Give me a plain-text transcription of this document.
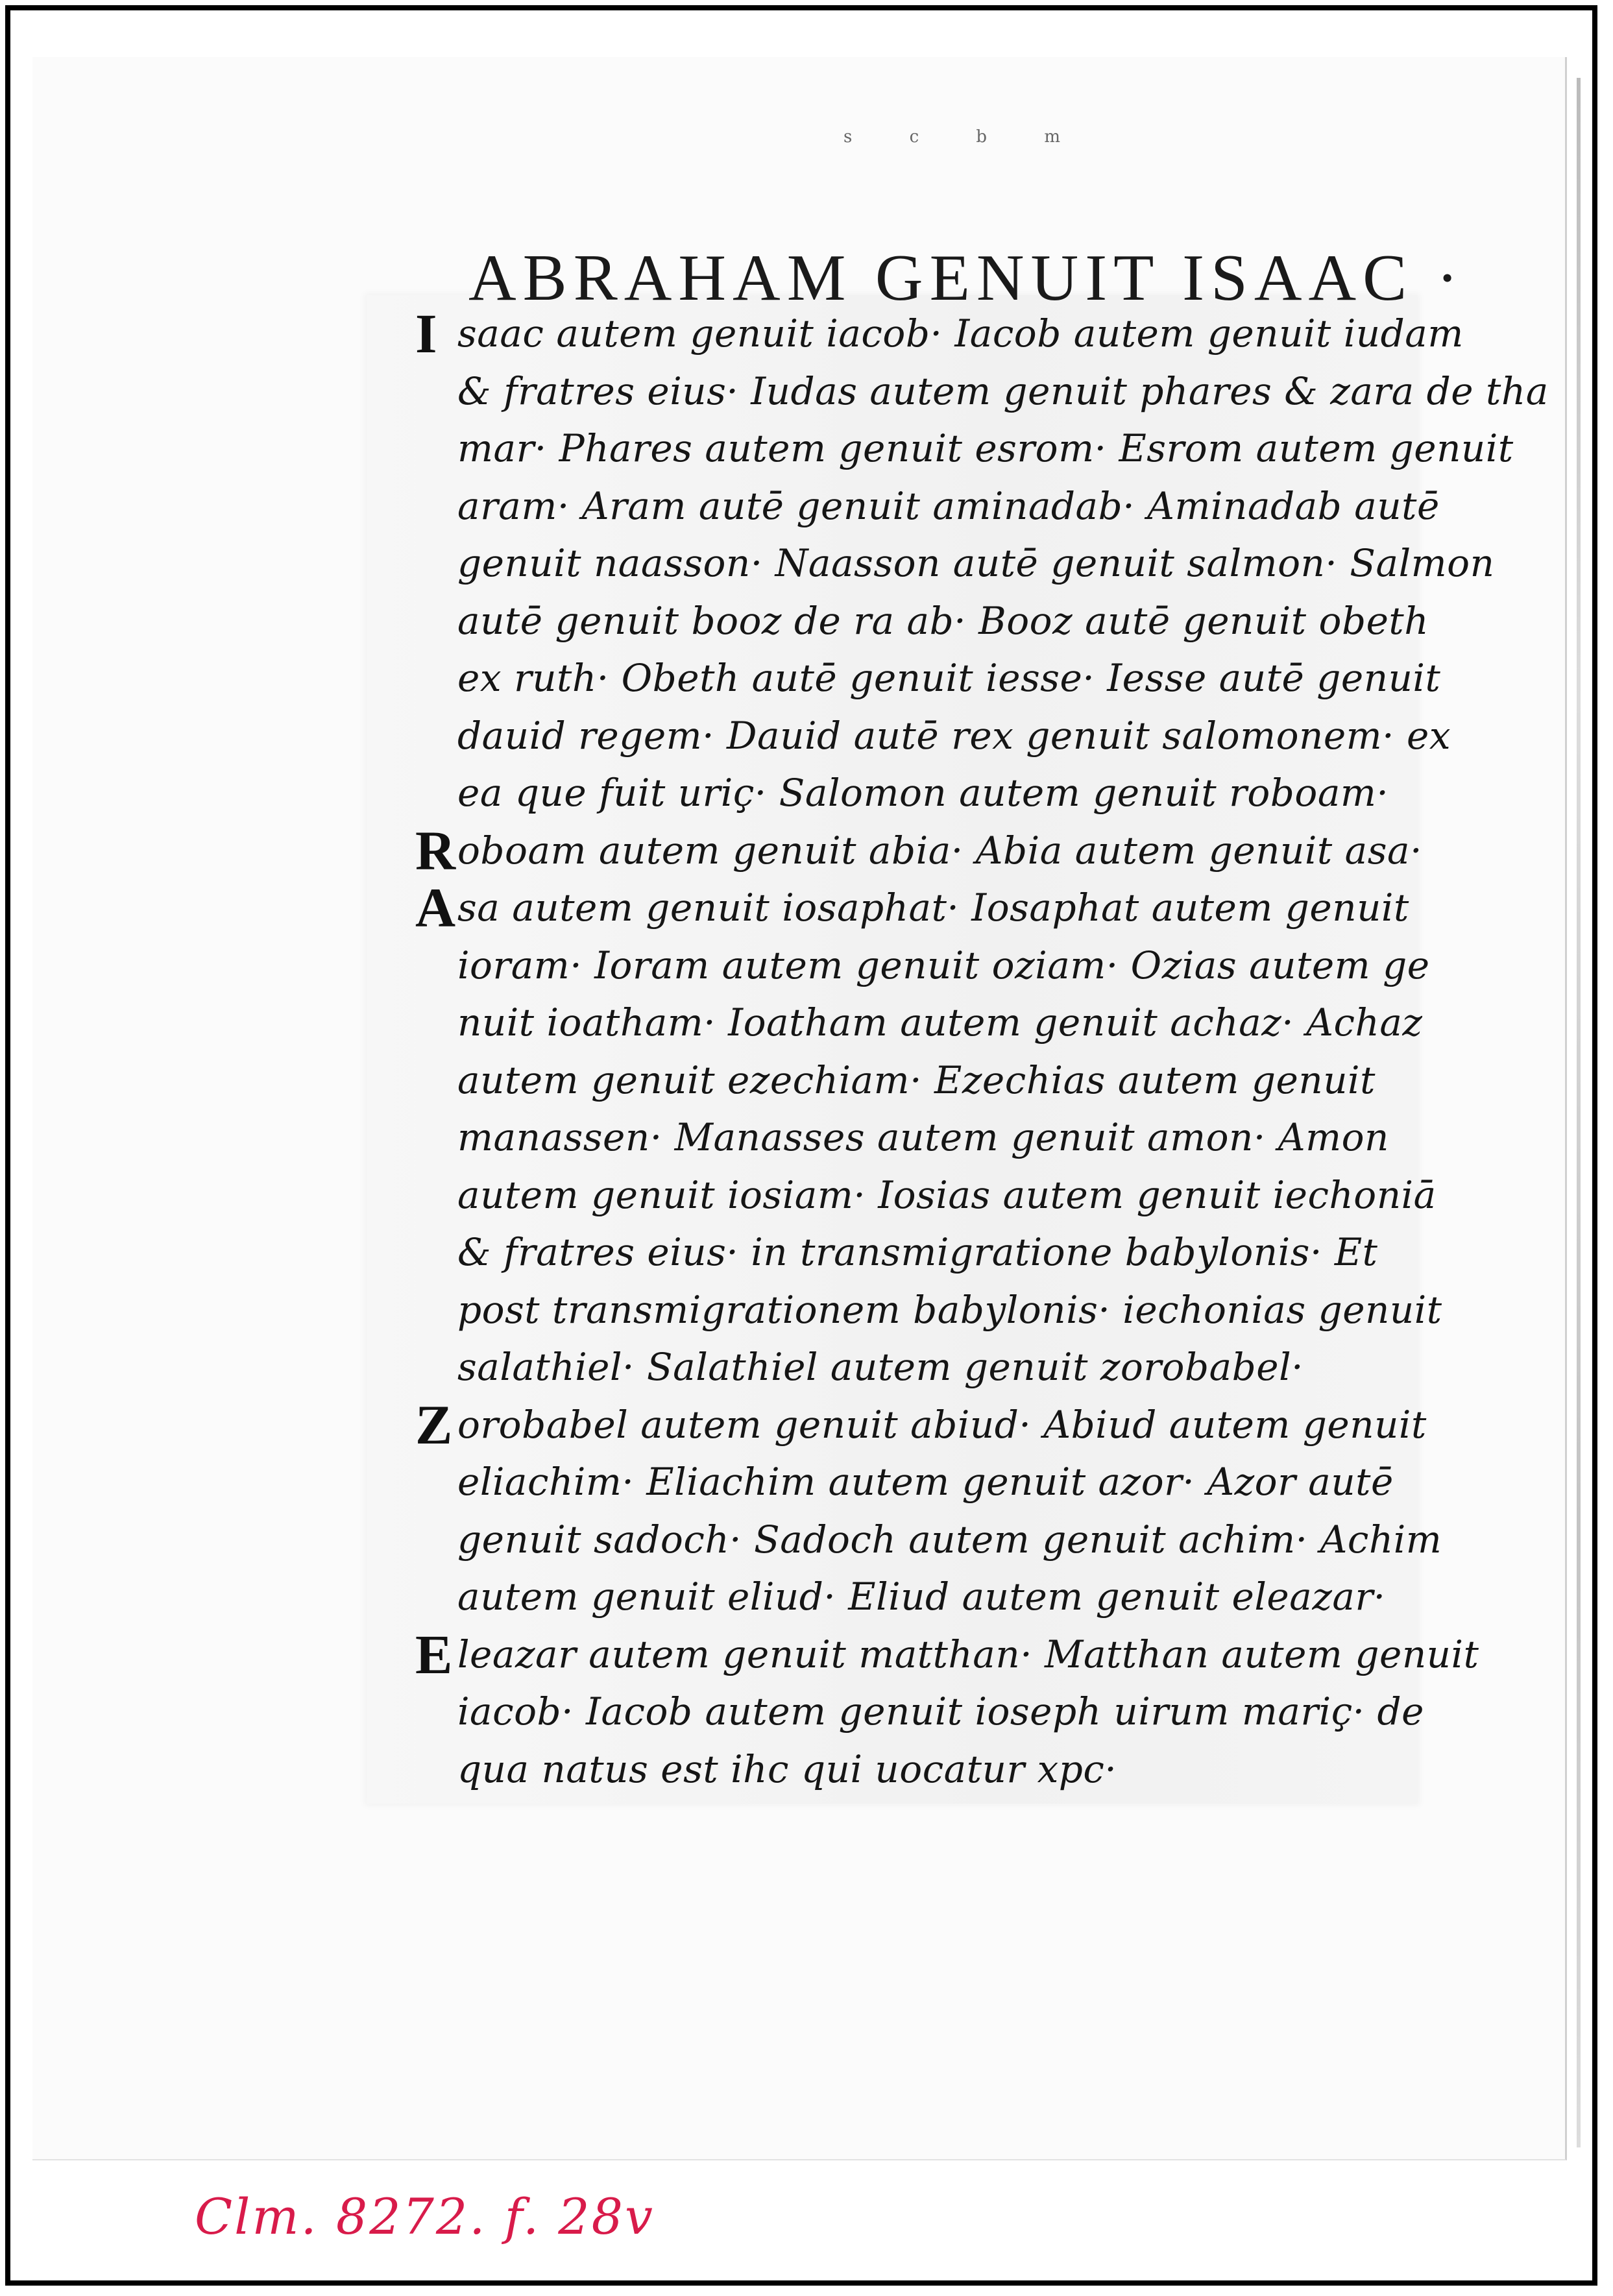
s c b m
ABRAHAM GENUIT ISAAC ·
I
R
A
Z
E
saac autem genuit iacob· Iacob autem genuit iudam
& fratres eius· Iudas autem genuit phares & zara de tha
mar· Phares autem genuit esrom· Esrom autem genuit
aram· Aram autē genuit aminadab· Aminadab autē
genuit naasson· Naasson autē genuit salmon· Salmon
autē genuit booz de ra ab· Booz autē genuit obeth
ex ruth· Obeth autē genuit iesse· Iesse autē genuit
dauid regem· Dauid autē rex genuit salomonem· ex
ea que fuit uriç· Salomon autem genuit roboam·
oboam autem genuit abia· Abia autem genuit asa·
sa autem genuit iosaphat· Iosaphat autem genuit
ioram· Ioram autem genuit oziam· Ozias autem ge
nuit ioatham· Ioatham autem genuit achaz· Achaz
autem genuit ezechiam· Ezechias autem genuit
manassen· Manasses autem genuit amon· Amon
autem genuit iosiam· Iosias autem genuit iechoniā
& fratres eius· in transmigratione babylonis· Et
post transmigrationem babylonis· iechonias genuit
orobabel autem genuit abiud· Abiud autem genuit
eliachim· Eliachim autem genuit azor· Azor autē
genuit sadoch· Sadoch autem genuit achim· Achim
leazar autem genuit matthan· Matthan autem genuit
iacob· Iacob autem genuit ioseph uirum mariç· de
qua natus est ihc qui uocatur xpc·
salathiel· Salathiel autem genuit zorobabel·
autem genuit eliud· Eliud autem genuit eleazar·
Clm. 8272. f. 28v
